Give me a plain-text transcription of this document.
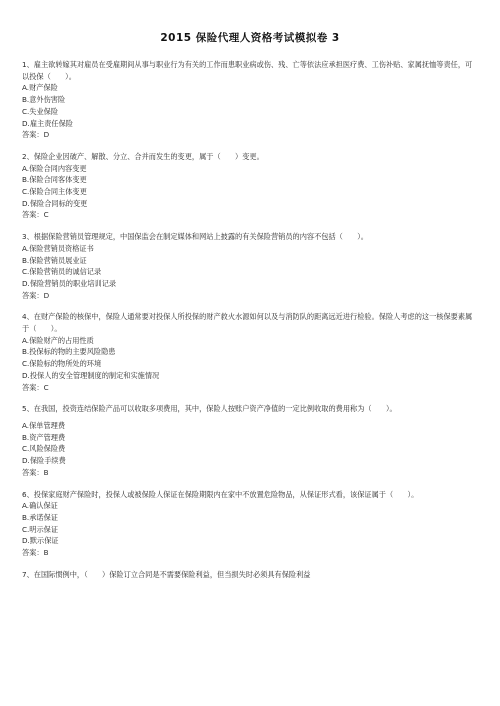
2015 保险代理人资格考试模拟卷 3

1、雇主欲转嫁其对雇员在受雇期间从事与职业行为有关的工作而患职业病或伤、残、亡等依法应承担医疗费、工伤补贴、家属抚恤等责任，可以投保（　　）。

A.财产保险

B.意外伤害险

C.失业保险

D.雇主责任保险

答案：D

2、保险企业因破产、解散、分立、合并而发生的变更，属于（　　）变更。

A.保险合同内容变更

B.保险合同客体变更

C.保险合同主体变更

D.保险合同标的变更

答案：C

3、根据保险营销员管理规定，中国保监会在制定媒体和网站上披露的有关保险营销员的内容不包括（　　）。

A.保险营销员资格证书

B.保险营销员展业证

C.保险营销员的诚信记录

D.保险营销员的职业培训记录

答案：D

4、在财产保险的核保中，保险人通常要对投保人所投保的财产救火水源如何以及与消防队的距离远近进行检验。保险人考虑的这一核保要素属于（　　）。

A.保险财产的占用性质

B.投保标的物的主要风险隐患

C.保险标的物所处的环境

D.投保人的安全管理制度的制定和实施情况

答案：C

5、在我国，投资连结保险产品可以收取多项费用，其中，保险人按账户资产净值的一定比例收取的费用称为（　　）。

A.保单管理费

B.资产管理费

C.风险保险费

D.保险手续费

答案：B

6、投保家庭财产保险时，投保人或被保险人保证在保险期限内在家中不放置危险物品，从保证形式看，该保证属于（　　）。

A.确认保证

B.承诺保证

C.明示保证

D.默示保证

答案：B

7、在国际惯例中，（　　）保险订立合同是不需要保险利益，但当损失时必须具有保险利益
